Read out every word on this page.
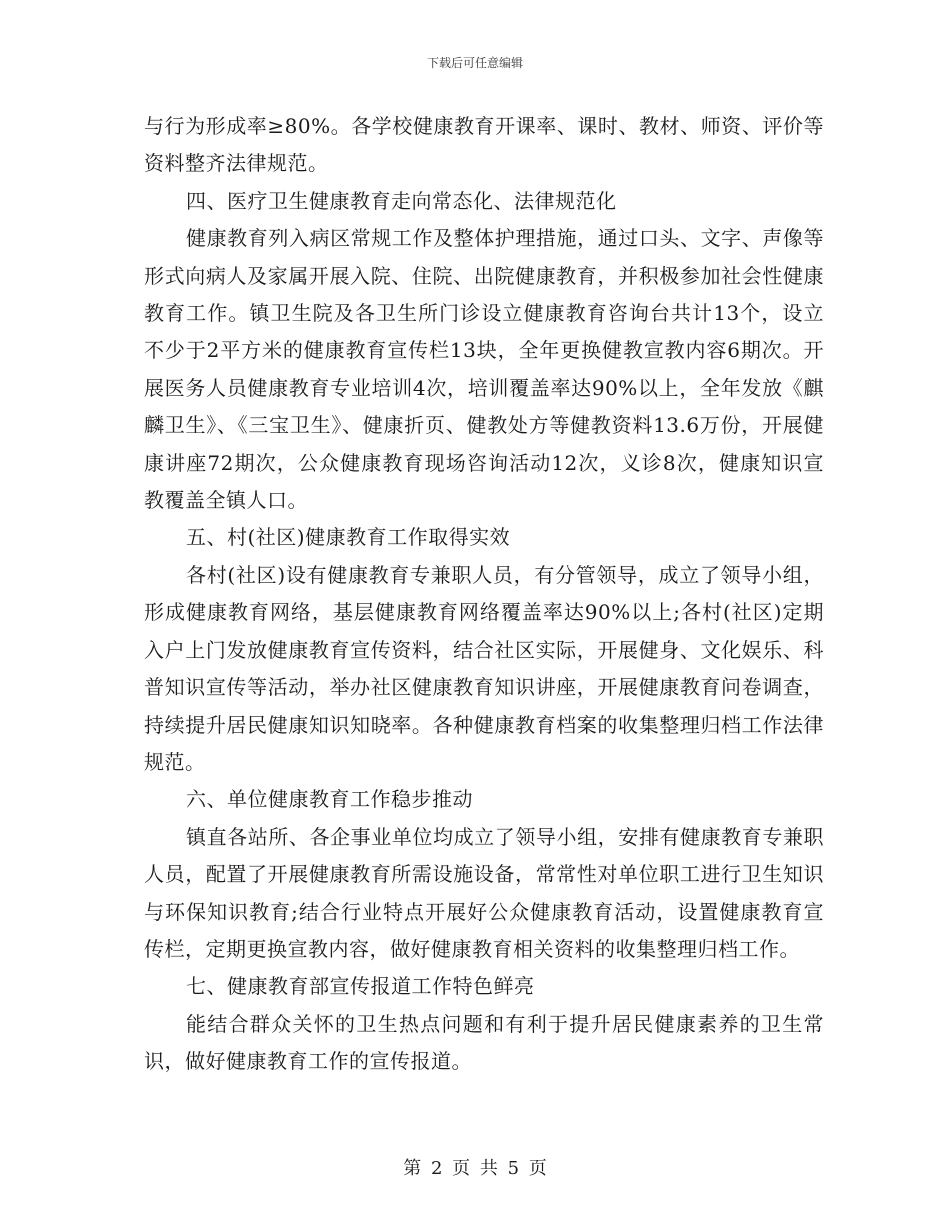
下载后可任意编辑

与行为形成率≥80%。各学校健康教育开课率、课时、教材、师资、评价等资料整齐法律规范。

四、医疗卫生健康教育走向常态化、法律规范化

健康教育列入病区常规工作及整体护理措施，通过口头、文字、声像等形式向病人及家属开展入院、住院、出院健康教育，并积极参加社会性健康教育工作。镇卫生院及各卫生所门诊设立健康教育咨询台共计13个，设立不少于2平方米的健康教育宣传栏13块，全年更换健教宣教内容6期次。开展医务人员健康教育专业培训4次，培训覆盖率达90%以上，全年发放《麒麟卫生》、《三宝卫生》、健康折页、健教处方等健教资料13.6万份，开展健康讲座72期次，公众健康教育现场咨询活动12次，义诊8次，健康知识宣教覆盖全镇人口。

五、村(社区)健康教育工作取得实效

各村(社区)设有健康教育专兼职人员，有分管领导，成立了领导小组，形成健康教育网络，基层健康教育网络覆盖率达90%以上;各村(社区)定期入户上门发放健康教育宣传资料，结合社区实际，开展健身、文化娱乐、科普知识宣传等活动，举办社区健康教育知识讲座，开展健康教育问卷调查，持续提升居民健康知识知晓率。各种健康教育档案的收集整理归档工作法律规范。

六、单位健康教育工作稳步推动

镇直各站所、各企事业单位均成立了领导小组，安排有健康教育专兼职人员，配置了开展健康教育所需设施设备，常常性对单位职工进行卫生知识与环保知识教育;结合行业特点开展好公众健康教育活动，设置健康教育宣传栏，定期更换宣教内容，做好健康教育相关资料的收集整理归档工作。

七、健康教育部宣传报道工作特色鲜亮

能结合群众关怀的卫生热点问题和有利于提升居民健康素养的卫生常识，做好健康教育工作的宣传报道。

第 2 页 共 5 页
